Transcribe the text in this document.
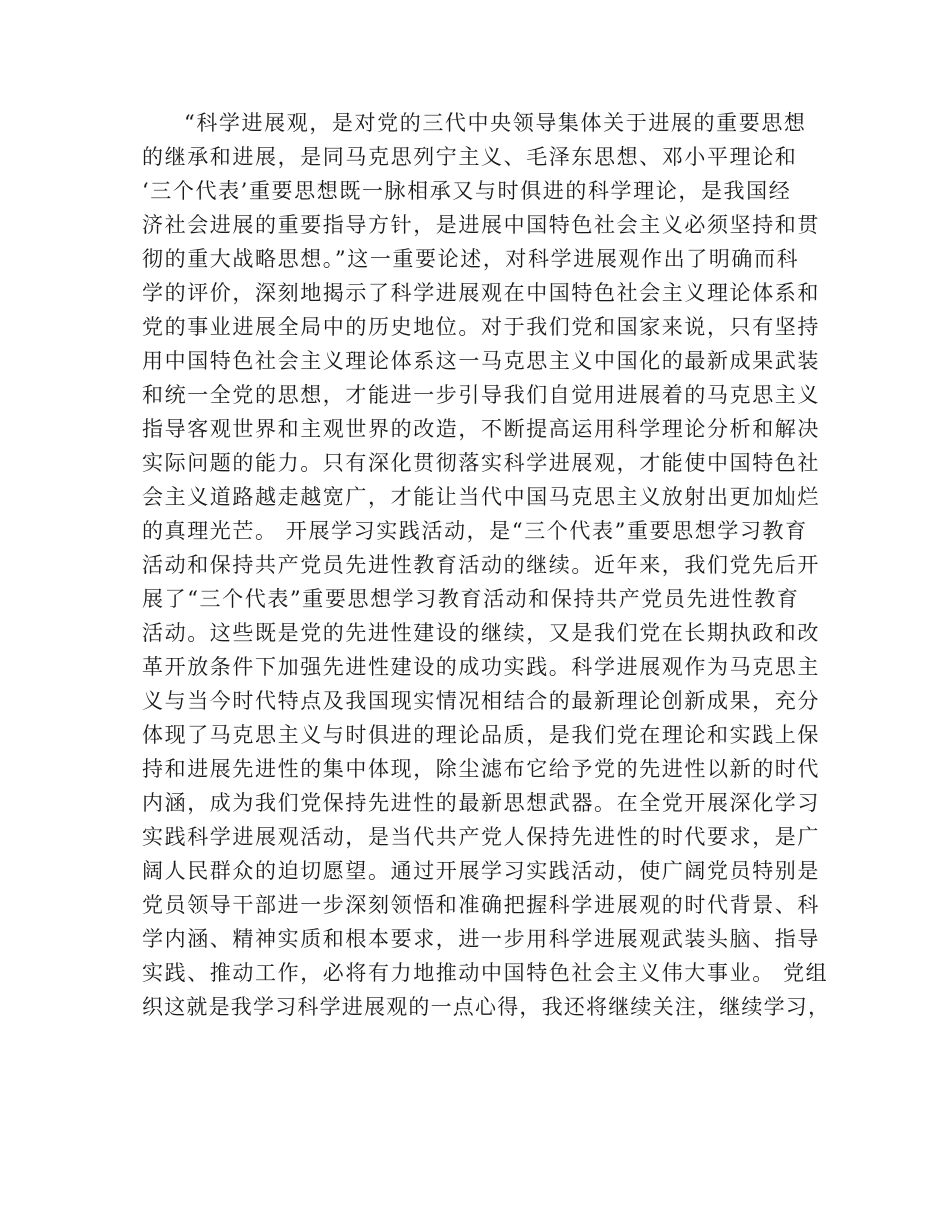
“科学进展观，是对党的三代中央领导集体关于进展的重要思想
的继承和进展，是同马克思列宁主义、毛泽东思想、邓小平理论和
‘三个代表’重要思想既一脉相承又与时俱进的科学理论，是我国经
济社会进展的重要指导方针，是进展中国特色社会主义必须坚持和贯
彻的重大战略思想。”这一重要论述，对科学进展观作出了明确而科
学的评价，深刻地揭示了科学进展观在中国特色社会主义理论体系和
党的事业进展全局中的历史地位。对于我们党和国家来说，只有坚持
用中国特色社会主义理论体系这一马克思主义中国化的最新成果武装
和统一全党的思想，才能进一步引导我们自觉用进展着的马克思主义
指导客观世界和主观世界的改造，不断提高运用科学理论分析和解决
实际问题的能力。只有深化贯彻落实科学进展观，才能使中国特色社
会主义道路越走越宽广，才能让当代中国马克思主义放射出更加灿烂
的真理光芒。 开展学习实践活动，是“三个代表”重要思想学习教育
活动和保持共产党员先进性教育活动的继续。近年来，我们党先后开
展了“三个代表”重要思想学习教育活动和保持共产党员先进性教育
活动。这些既是党的先进性建设的继续，又是我们党在长期执政和改
革开放条件下加强先进性建设的成功实践。科学进展观作为马克思主
义与当今时代特点及我国现实情况相结合的最新理论创新成果，充分
体现了马克思主义与时俱进的理论品质，是我们党在理论和实践上保
持和进展先进性的集中体现，除尘滤布它给予党的先进性以新的时代
内涵，成为我们党保持先进性的最新思想武器。在全党开展深化学习
实践科学进展观活动，是当代共产党人保持先进性的时代要求，是广
阔人民群众的迫切愿望。通过开展学习实践活动，使广阔党员特别是
党员领导干部进一步深刻领悟和准确把握科学进展观的时代背景、科
学内涵、精神实质和根本要求，进一步用科学进展观武装头脑、指导
实践、推动工作，必将有力地推动中国特色社会主义伟大事业。 党组
织这就是我学习科学进展观的一点心得，我还将继续关注，继续学习，
